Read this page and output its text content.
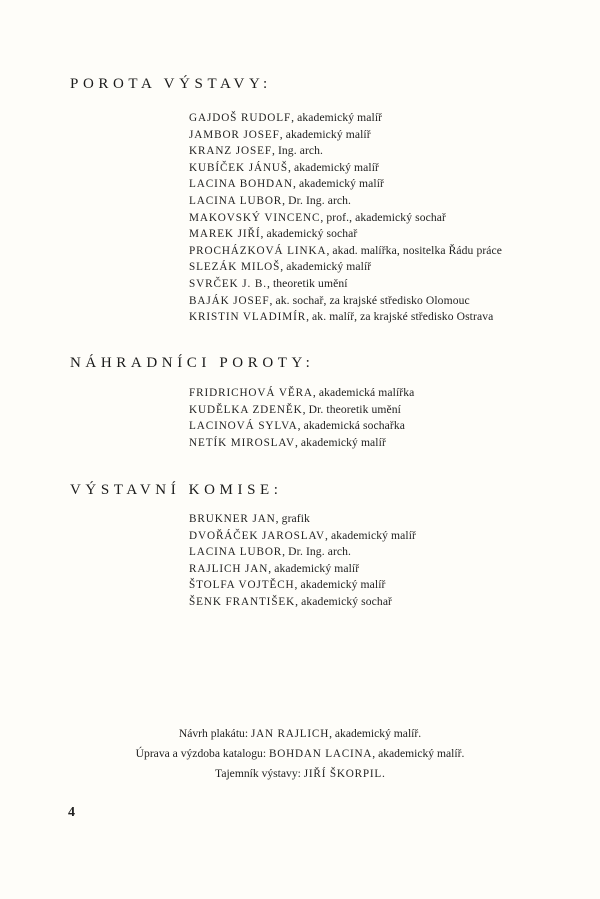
POROTA VÝSTAVY:
GAJDOŠ RUDOLF, akademický malíř
JAMBOR JOSEF, akademický malíř
KRANZ JOSEF, Ing. arch.
KUBÍČEK JÁNUŠ, akademický malíř
LACINA BOHDAN, akademický malíř
LACINA LUBOR, Dr. Ing. arch.
MAKOVSKÝ VINCENC, prof., akademický sochař
MAREK JIŘÍ, akademický sochař
PROCHÁZKOVÁ LINKA, akad. malířka, nositelka Řádu práce
SLEZÁK MILOŠ, akademický malíř
SVRČEK J. B., theoretik umění
BAJÁK JOSEF, ak. sochař, za krajské středisko Olomouc
KRISTIN VLADIMÍR, ak. malíř, za krajské středisko Ostrava
NÁHRADNÍCI POROTY:
FRIDRICHOVÁ VĚRA, akademická malířka
KUDĚLKA ZDENĚK, Dr. theoretik umění
LACINOVÁ SYLVA, akademická sochařka
NETÍK MIROSLAV, akademický malíř
VÝSTAVNÍ KOMISE:
BRUKNER JAN, grafik
DVOŘÁČEK JAROSLAV, akademický malíř
LACINA LUBOR, Dr. Ing. arch.
RAJLICH JAN, akademický malíř
ŠTOLFA VOJTĚCH, akademický malíř
ŠENK FRANTIŠEK, akademický sochař
Návrh plakátu: JAN RAJLICH, akademický malíř.
Úprava a výzdoba katalogu: BOHDAN LACINA, akademický malíř.
Tajemník výstavy: JIŘÍ ŠKORPIL.
4
